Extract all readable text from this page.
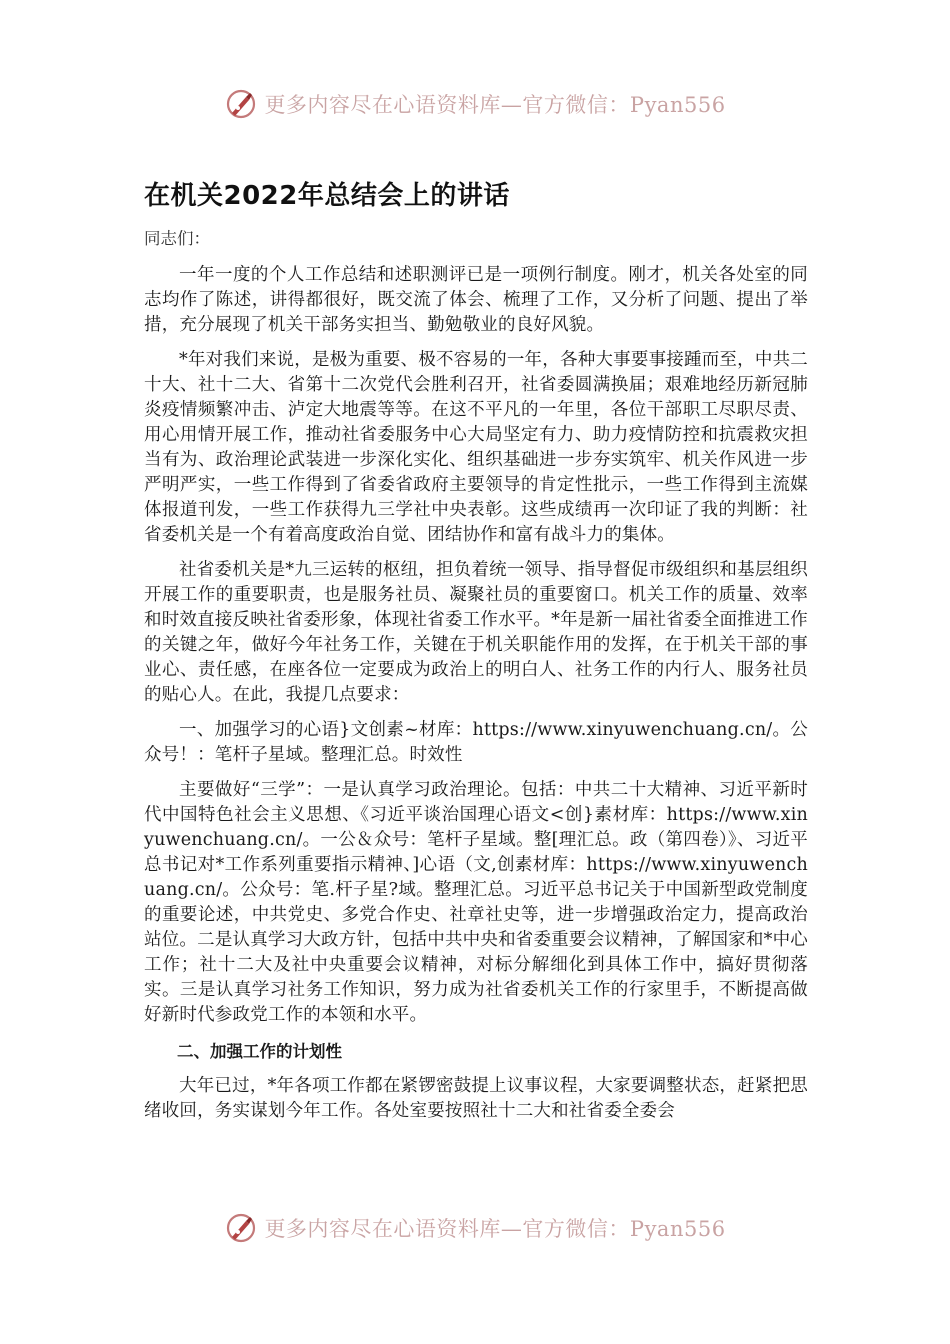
更多内容尽在心语资料库—官方微信：Pyan556
在机关2022年总结会上的讲话

同志们：

一年一度的个人工作总结和述职测评已是一项例行制度。刚才，机关各处室的同志均作了陈述，讲得都很好，既交流了体会、梳理了工作，又分析了问题、提出了举措，充分展现了机关干部务实担当、勤勉敬业的良好风貌。

*年对我们来说，是极为重要、极不容易的一年，各种大事要事接踵而至，中共二十大、社十二大、省第十二次党代会胜利召开，社省委圆满换届；艰难地经历新冠肺炎疫情频繁冲击、泸定大地震等等。在这不平凡的一年里，各位干部职工尽职尽责、用心用情开展工作，推动社省委服务中心大局坚定有力、助力疫情防控和抗震救灾担当有为、政治理论武装进一步深化实化、组织基础进一步夯实筑牢、机关作风进一步严明严实，一些工作得到了省委省政府主要领导的肯定性批示，一些工作得到主流媒体报道刊发，一些工作获得九三学社中央表彰。这些成绩再一次印证了我的判断：社省委机关是一个有着高度政治自觉、团结协作和富有战斗力的集体。

社省委机关是*九三运转的枢纽，担负着统一领导、指导督促市级组织和基层组织开展工作的重要职责，也是服务社员、凝聚社员的重要窗口。机关工作的质量、效率和时效直接反映社省委形象，体现社省委工作水平。*年是新一届社省委全面推进工作的关键之年，做好今年社务工作，关键在于机关职能作用的发挥，在于机关干部的事业心、责任感，在座各位一定要成为政治上的明白人、社务工作的内行人、服务社员的贴心人。在此，我提几点要求：

一、加强学习的心语}文创素~材库：https://www.xinyuwenchuang.cn/。公众号！：笔杆子星域。整理汇总。时效性

主要做好“三学”：一是认真学习政治理论。包括：中共二十大精神、习近平新时代中国特色社会主义思想、《习近平谈治国理心语文<创}素材库：https://www.xinyuwenchuang.cn/。一公＆众号：笔杆子星域。整[理汇总。政（第四卷）》、习近平总书记对*工作系列重要指示精神、]心语（文,创素材库：https://www.xinyuwenchuang.cn/。公众号：笔.杆子星?域。整理汇总。习近平总书记关于中国新型政党制度的重要论述，中共党史、多党合作史、社章社史等，进一步增强政治定力，提高政治站位。二是认真学习大政方针，包括中共中央和省委重要会议精神，了解国家和*中心工作；社十二大及社中央重要会议精神，对标分解细化到具体工作中，搞好贯彻落实。三是认真学习社务工作知识，努力成为社省委机关工作的行家里手，不断提高做好新时代参政党工作的本领和水平。

二、加强工作的计划性

大年已过，*年各项工作都在紧锣密鼓提上议事议程，大家要调整状态，赶紧把思绪收回，务实谋划今年工作。各处室要按照社十二大和社省委全委会

更多内容尽在心语资料库—官方微信：Pyan556
